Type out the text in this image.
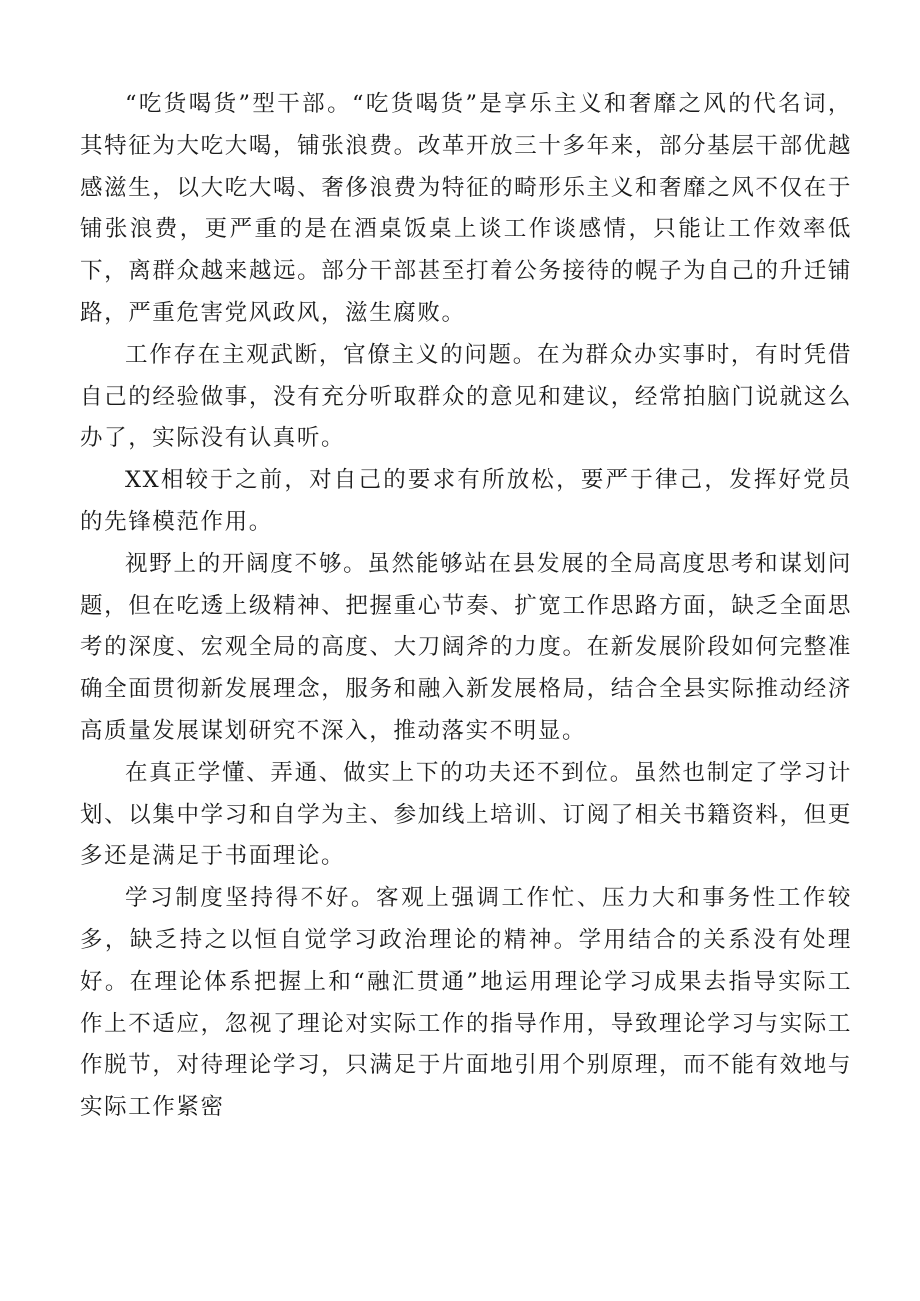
“吃货喝货”型干部。“吃货喝货”是享乐主义和奢靡之风的代名词，其特征为大吃大喝，铺张浪费。改革开放三十多年来，部分基层干部优越感滋生，以大吃大喝、奢侈浪费为特征的畸形乐主义和奢靡之风不仅在于铺张浪费，更严重的是在酒桌饭桌上谈工作谈感情，只能让工作效率低下，离群众越来越远。部分干部甚至打着公务接待的幌子为自己的升迁铺路，严重危害党风政风，滋生腐败。

工作存在主观武断，官僚主义的问题。在为群众办实事时，有时凭借自己的经验做事，没有充分听取群众的意见和建议，经常拍脑门说就这么办了，实际没有认真听。

XX相较于之前，对自己的要求有所放松，要严于律己，发挥好党员的先锋模范作用。

视野上的开阔度不够。虽然能够站在县发展的全局高度思考和谋划问题，但在吃透上级精神、把握重心节奏、扩宽工作思路方面，缺乏全面思考的深度、宏观全局的高度、大刀阔斧的力度。在新发展阶段如何完整准确全面贯彻新发展理念，服务和融入新发展格局，结合全县实际推动经济高质量发展谋划研究不深入，推动落实不明显。

在真正学懂、弄通、做实上下的功夫还不到位。虽然也制定了学习计划、以集中学习和自学为主、参加线上培训、订阅了相关书籍资料，但更多还是满足于书面理论。

学习制度坚持得不好。客观上强调工作忙、压力大和事务性工作较多，缺乏持之以恒自觉学习政治理论的精神。学用结合的关系没有处理好。在理论体系把握上和“融汇贯通”地运用理论学习成果去指导实际工作上不适应，忽视了理论对实际工作的指导作用，导致理论学习与实际工作脱节，对待理论学习，只满足于片面地引用个别原理，而不能有效地与实际工作紧密
